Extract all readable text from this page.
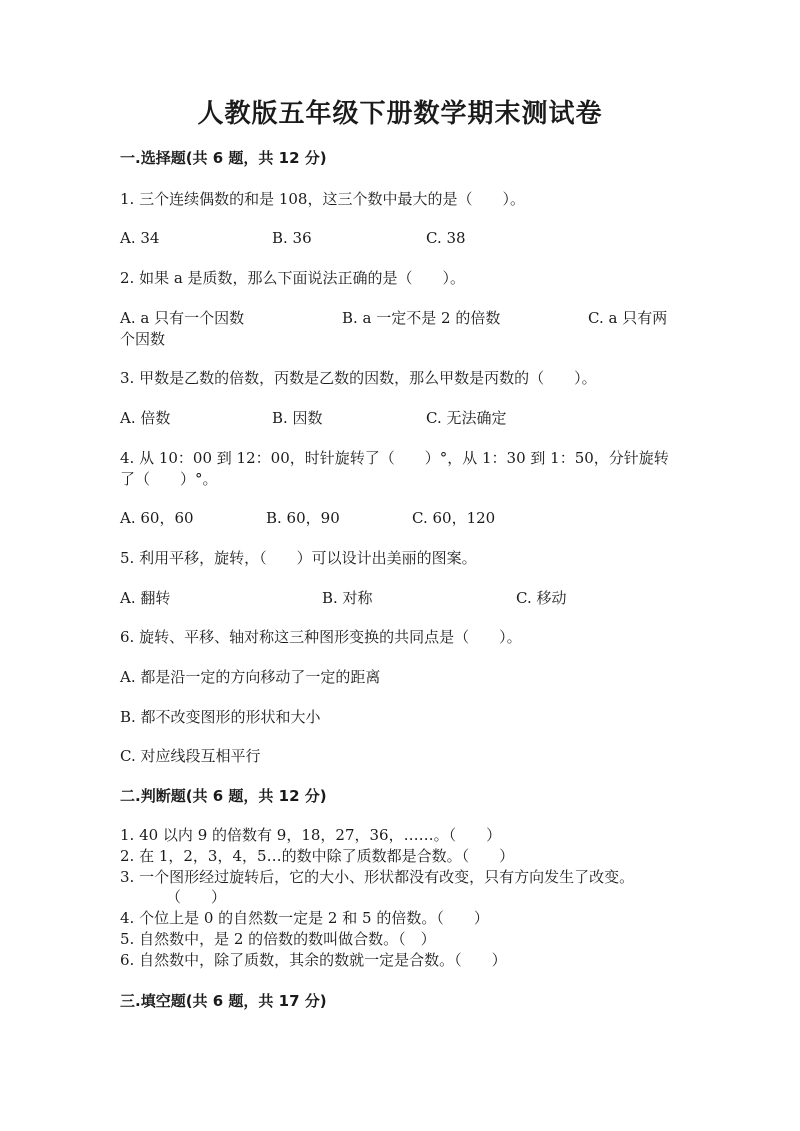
人教版五年级下册数学期末测试卷
一.选择题(共 6 题，共 12 分)
1. 三个连续偶数的和是 108，这三个数中最大的是（　　）。
A. 34	B. 36	C. 38
2. 如果 a 是质数，那么下面说法正确的是（　　）。
A. a 只有一个因数	B. a 一定不是 2 的倍数	C. a 只有两
个因数
3. 甲数是乙数的倍数，丙数是乙数的因数，那么甲数是丙数的（　　）。
A. 倍数	B. 因数	C. 无法确定
4. 从 10：00 到 12：00，时针旋转了（　　）°，从 1：30 到 1：50，分针旋转
了（　　）°。
A. 60，60	B. 60，90	C. 60，120
5. 利用平移，旋转，（　　）可以设计出美丽的图案。
A. 翻转	B. 对称	C. 移动
6. 旋转、平移、轴对称这三种图形变换的共同点是（　　）。
A. 都是沿一定的方向移动了一定的距离
B. 都不改变图形的形状和大小
C. 对应线段互相平行
二.判断题(共 6 题，共 12 分)
1. 40 以内 9 的倍数有 9，18，27，36，……。（　　）
2. 在 1，2，3，4，5…的数中除了质数都是合数。（　　）
3. 一个图形经过旋转后，它的大小、形状都没有改变，只有方向发生了改变。
（　　）
4. 个位上是 0 的自然数一定是 2 和 5 的倍数。（　　）
5. 自然数中，是 2 的倍数的数叫做合数。（　）
6. 自然数中，除了质数，其余的数就一定是合数。（　　）
三.填空题(共 6 题，共 17 分)
